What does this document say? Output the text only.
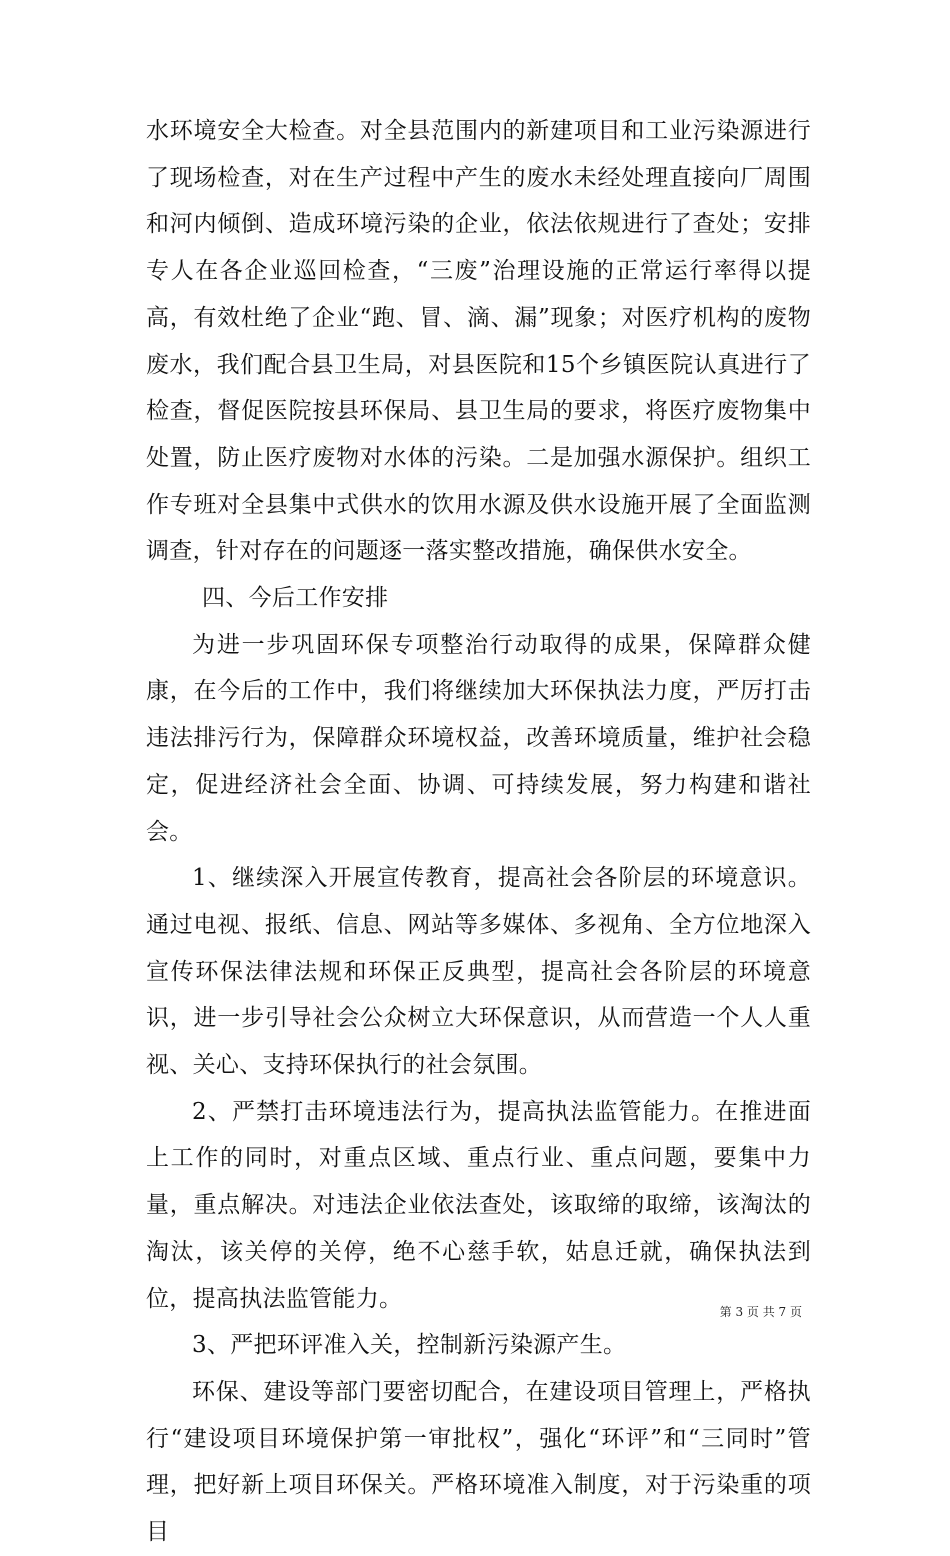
水环境安全大检查。对全县范围内的新建项目和工业污染源进行了现场检查，对在生产过程中产生的废水未经处理直接向厂周围和河内倾倒、造成环境污染的企业，依法依规进行了查处；安排专人在各企业巡回检查，“三废”治理设施的正常运行率得以提高，有效杜绝了企业“跑、冒、滴、漏”现象；对医疗机构的废物废水，我们配合县卫生局，对县医院和15个乡镇医院认真进行了检查，督促医院按县环保局、县卫生局的要求，将医疗废物集中处置，防止医疗废物对水体的污染。二是加强水源保护。组织工作专班对全县集中式供水的饮用水源及供水设施开展了全面监测调查，针对存在的问题逐一落实整改措施，确保供水安全。

四、今后工作安排

为进一步巩固环保专项整治行动取得的成果，保障群众健康，在今后的工作中，我们将继续加大环保执法力度，严厉打击违法排污行为，保障群众环境权益，改善环境质量，维护社会稳定，促进经济社会全面、协调、可持续发展，努力构建和谐社会。

1、继续深入开展宣传教育，提高社会各阶层的环境意识。通过电视、报纸、信息、网站等多媒体、多视角、全方位地深入宣传环保法律法规和环保正反典型，提高社会各阶层的环境意识，进一步引导社会公众树立大环保意识，从而营造一个人人重视、关心、支持环保执行的社会氛围。

2、严禁打击环境违法行为，提高执法监管能力。在推进面上工作的同时，对重点区域、重点行业、重点问题，要集中力量，重点解决。对违法企业依法查处，该取缔的取缔，该淘汰的淘汰，该关停的关停，绝不心慈手软，姑息迁就，确保执法到位，提高执法监管能力。

3、严把环评准入关，控制新污染源产生。

环保、建设等部门要密切配合，在建设项目管理上，严格执行“建设项目环境保护第一审批权”，强化“环评”和“三同时”管理，把好新上项目环保关。严格环境准入制度，对于污染重的项目

第 3 页 共 7 页
